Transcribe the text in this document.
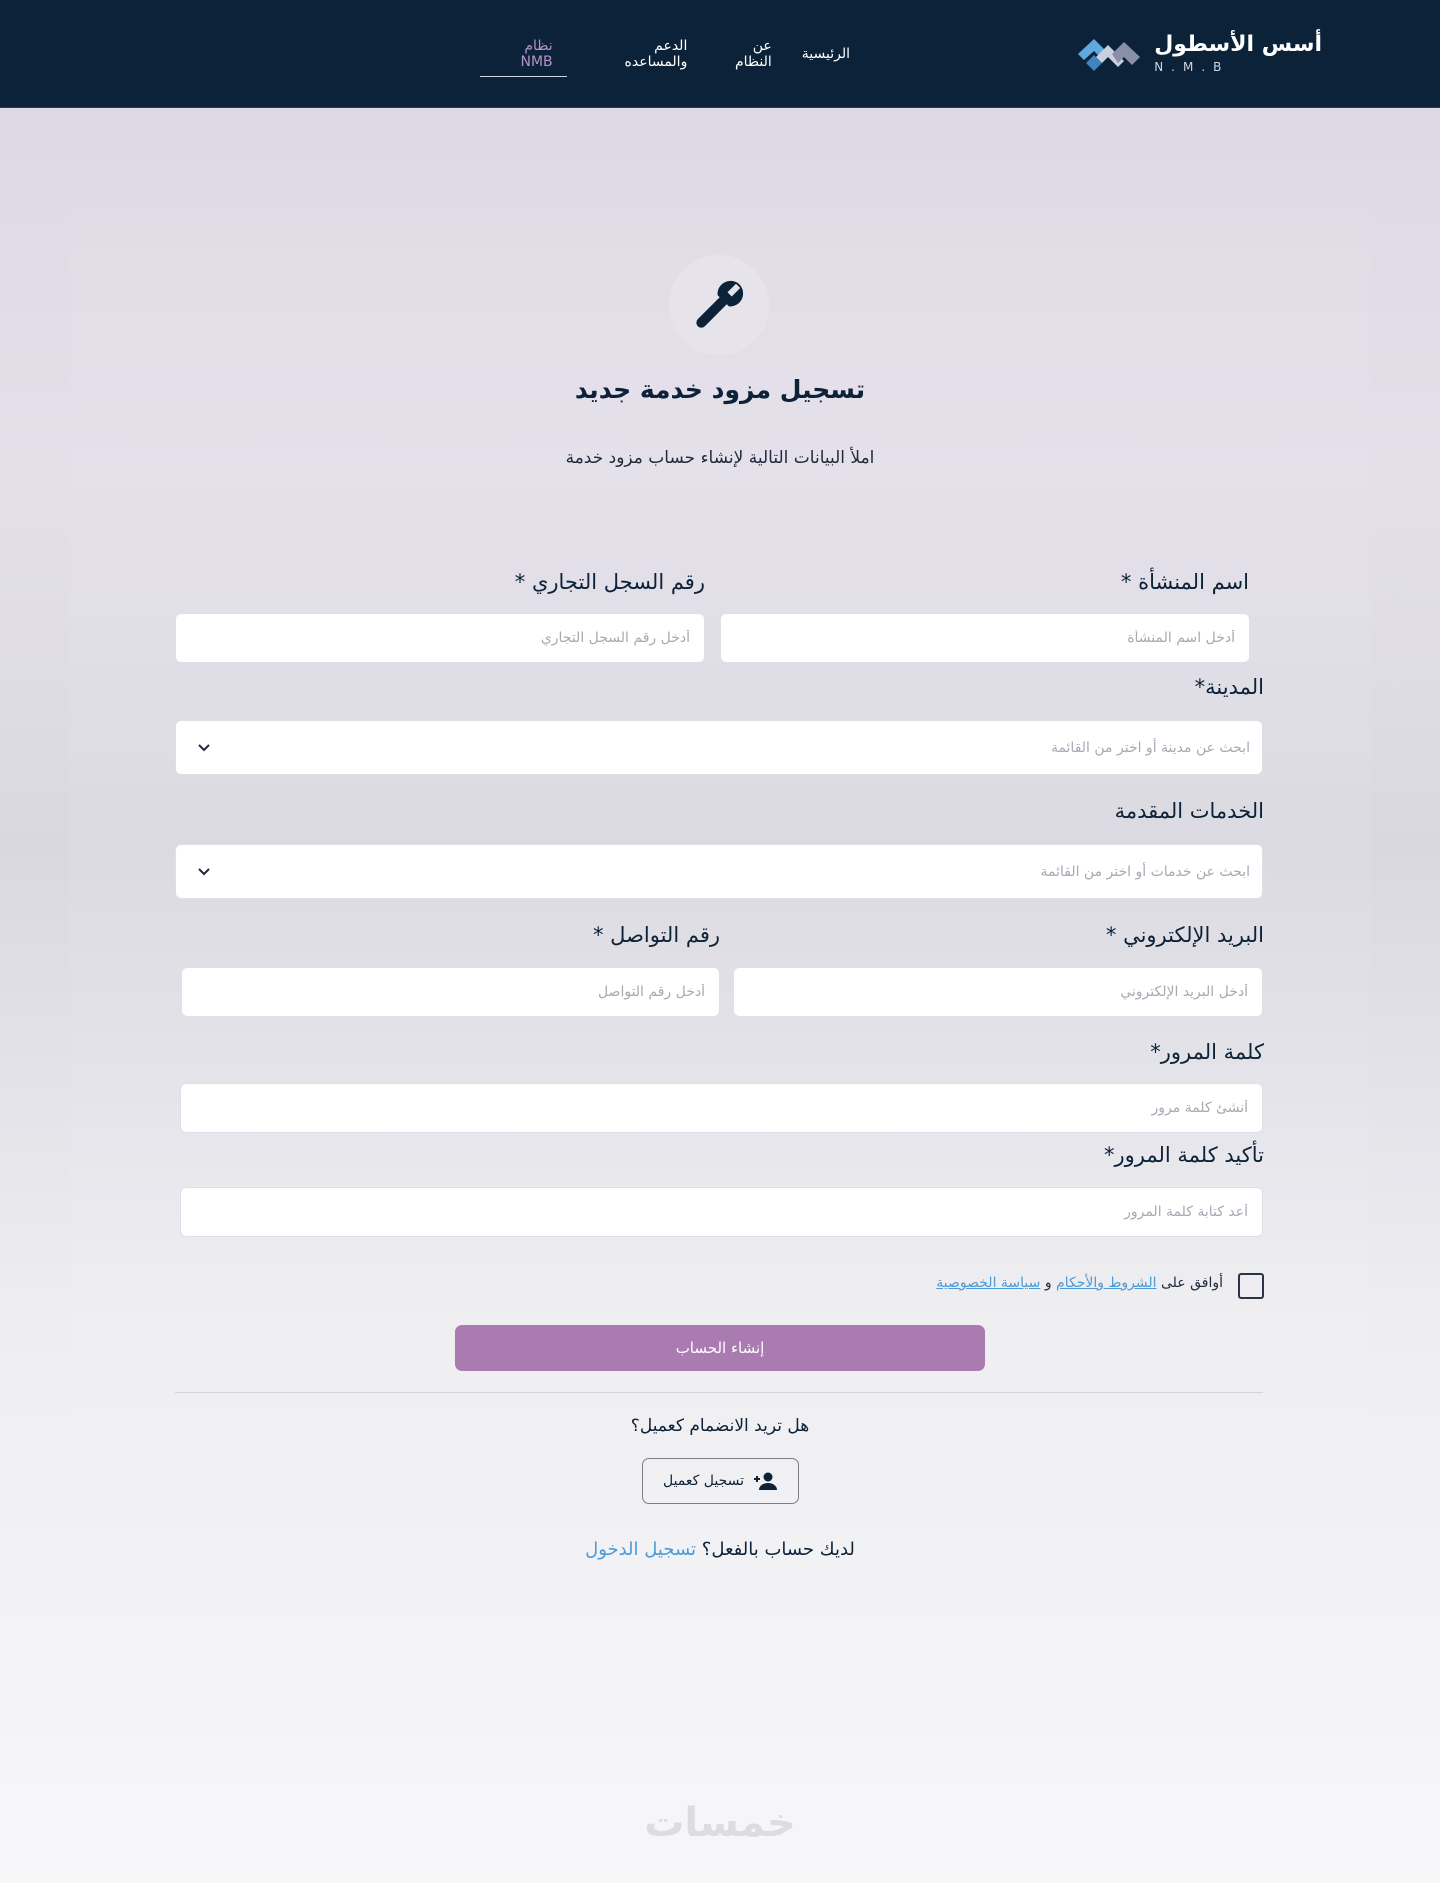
أسس الأسطول
N.M.B
الرئيسية
عن النظام
الدعم والمساعده
نظام NMB
تسجيل مزود خدمة جديد

املأ البيانات التالية لإنشاء حساب مزود خدمة

اسم المنشأة *
أدخل اسم المنشأة
رقم السجل التجاري *
أدخل رقم السجل التجاري
المدينة*
ابحث عن مدينة أو اختر من القائمة
الخدمات المقدمة
ابحث عن خدمات أو اختر من القائمة
البريد الإلكتروني *
أدخل البريد الإلكتروني
رقم التواصل *
أدخل رقم التواصل
كلمة المرور*
تأكيد كلمة المرور*
أوافق على الشروط والأحكام و سياسة الخصوصية
إنشاء الحساب

هل تريد الانضمام كعميل؟

تسجيل كعميل

لديك حساب بالفعل؟ تسجيل الدخول

خمسات
